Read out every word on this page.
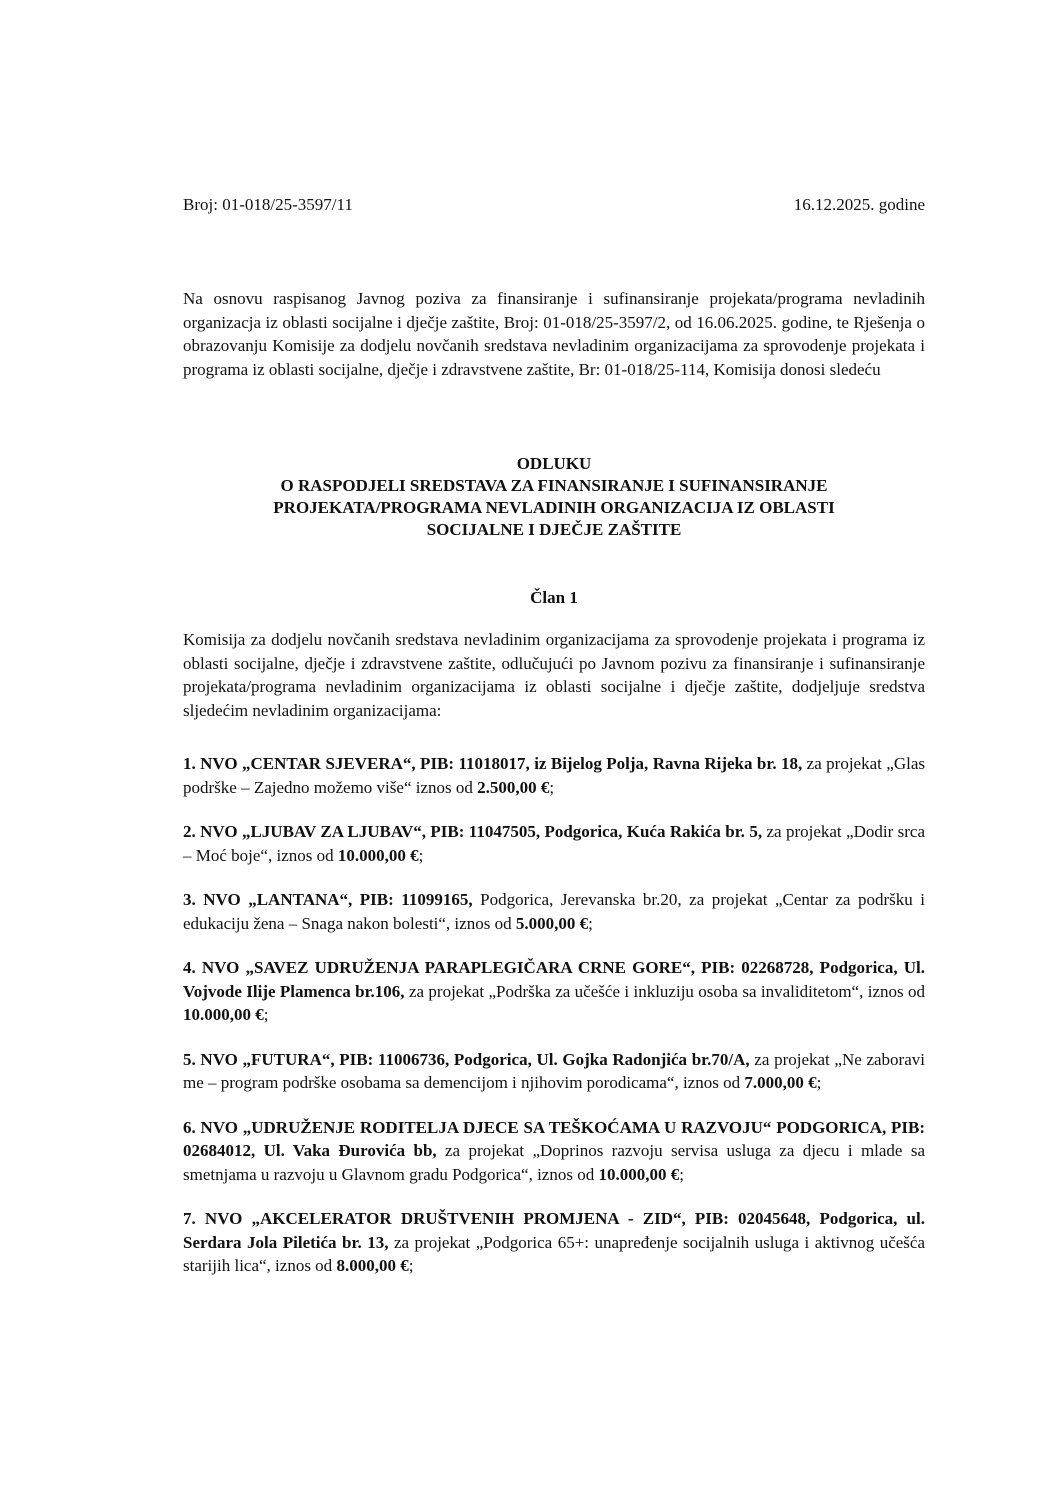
Broj: 01-018/25-3597/11	16.12.2025. godine

Na osnovu raspisanog Javnog poziva za finansiranje i sufinansiranje projekata/programa nevladinih organizacja iz oblasti socijalne i dječje zaštite, Broj: 01-018/25-3597/2, od 16.06.2025. godine, te Rješenja o obrazovanju Komisije za dodjelu novčanih sredstava nevladinim organizacijama za sprovodenje projekata i programa iz oblasti socijalne, dječje i zdravstvene zaštite, Br: 01-018/25-114, Komisija donosi sledeću

ODLUKU
O RASPODJELI SREDSTAVA ZA FINANSIRANJE I SUFINANSIRANJE
PROJEKATA/PROGRAMA NEVLADINIH ORGANIZACIJA IZ OBLASTI
SOCIJALNE I DJEČJE ZAŠTITE
Član 1

Komisija za dodjelu novčanih sredstava nevladinim organizacijama za sprovodenje projekata i programa iz oblasti socijalne, dječje i zdravstvene zaštite, odlučujući po Javnom pozivu za finansiranje i sufinansiranje projekata/programa nevladinim organizacijama iz oblasti socijalne i dječje zaštite, dodjeljuje sredstva sljedećim nevladinim organizacijama:

1. NVO „CENTAR SJEVERA“, PIB: 11018017, iz Bijelog Polja, Ravna Rijeka br. 18, za projekat „Glas podrške – Zajedno možemo više“ iznos od 2.500,00 €;

2. NVO „LJUBAV ZA LJUBAV“, PIB: 11047505, Podgorica, Kuća Rakića br. 5, za projekat „Dodir srca – Moć boje“, iznos od 10.000,00 €;

3. NVO „LANTANA“, PIB: 11099165, Podgorica, Jerevanska br.20, za projekat „Centar za podršku i edukaciju žena – Snaga nakon bolesti“, iznos od 5.000,00 €;

4. NVO „SAVEZ UDRUŽENJA PARAPLEGIČARA CRNE GORE“, PIB: 02268728, Podgorica, Ul. Vojvode Ilije Plamenca br.106, za projekat „Podrška za učešće i inkluziju osoba sa invaliditetom“, iznos od 10.000,00 €;

5. NVO „FUTURA“, PIB: 11006736, Podgorica, Ul. Gojka Radonjića br.70/A, za projekat „Ne zaboravi me – program podrške osobama sa demencijom i njihovim porodicama“, iznos od 7.000,00 €;

6. NVO „UDRUŽENJE RODITELJA DJECE SA TEŠKOĆAMA U RAZVOJU“ PODGORICA, PIB: 02684012, Ul. Vaka Đurovića bb, za projekat „Doprinos razvoju servisa usluga za djecu i mlade sa smetnjama u razvoju u Glavnom gradu Podgorica“, iznos od 10.000,00 €;

7. NVO „AKCELERATOR DRUŠTVENIH PROMJENA - ZID“, PIB: 02045648, Podgorica, ul. Serdara Jola Piletića br. 13, za projekat „Podgorica 65+: unapređenje socijalnih usluga i aktivnog učešća starijih lica“, iznos od 8.000,00 €;
